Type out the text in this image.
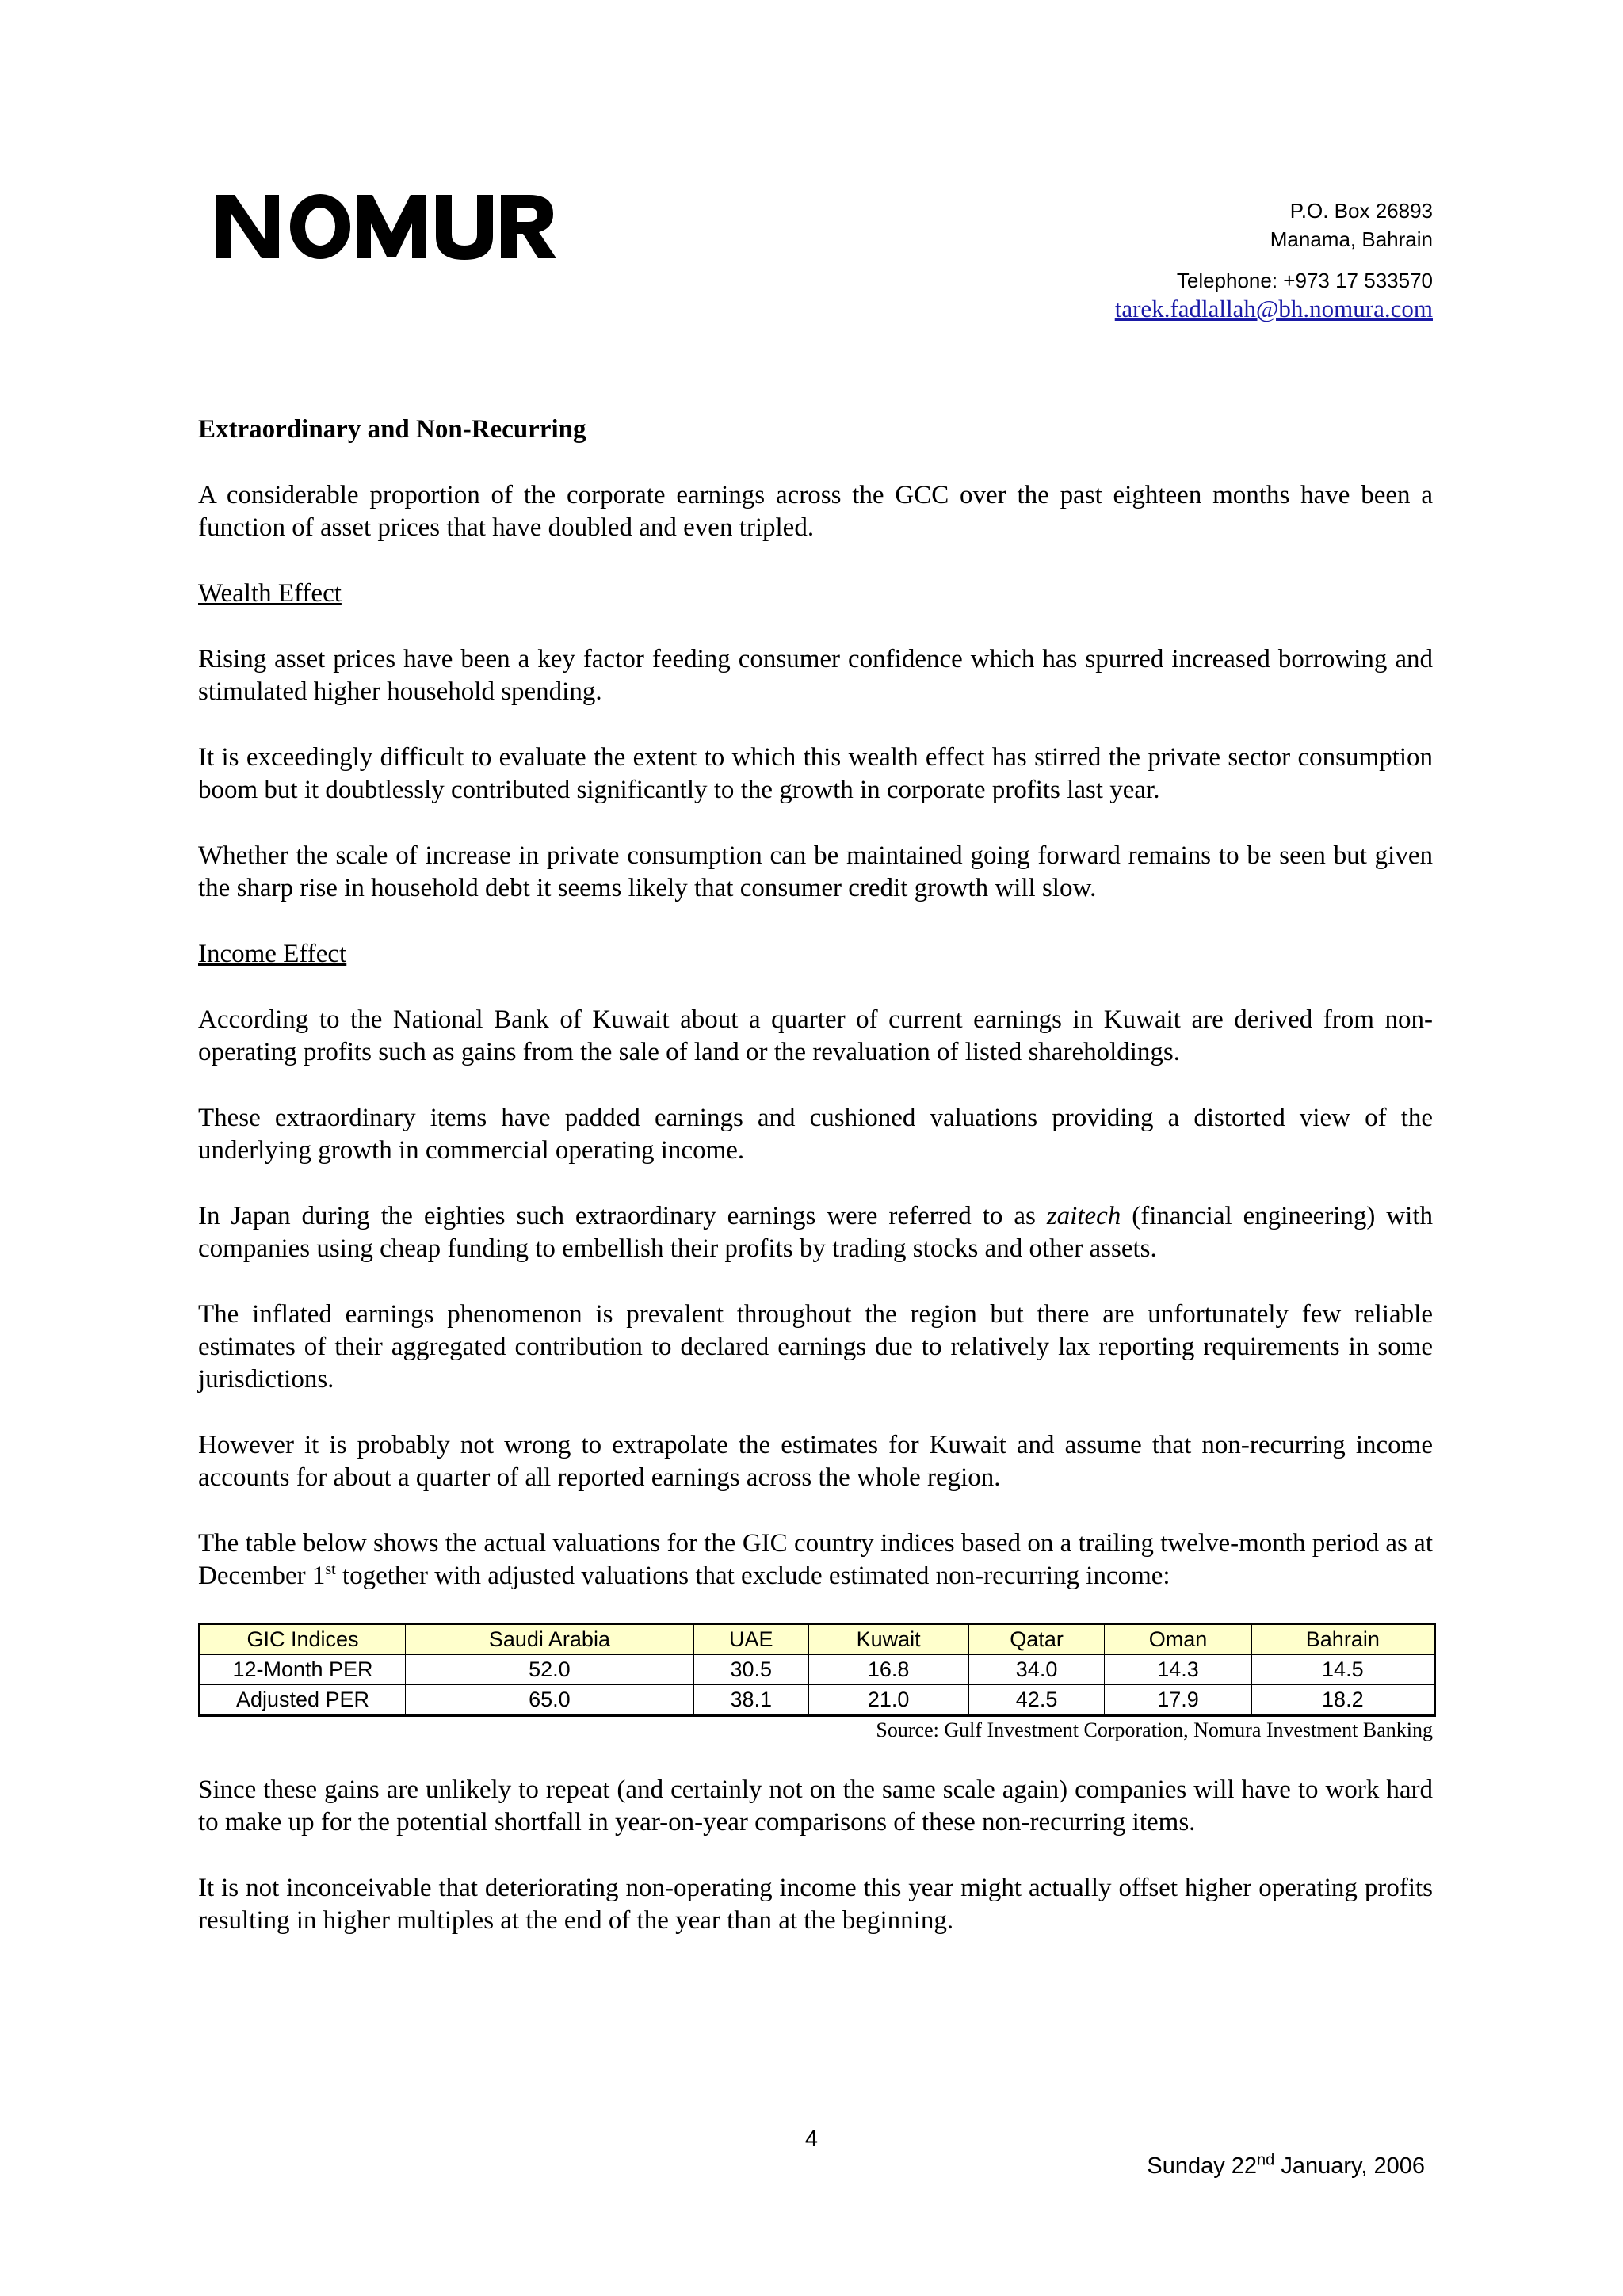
P.O. Box 26893
Manama, Bahrain
Telephone: +973 17 533570
tarek.fadlallah@bh.nomura.com

Extraordinary and Non-Recurring

A considerable proportion of the corporate earnings across the GCC over the past eighteen months have been a function of asset prices that have doubled and even tripled.

Wealth Effect

Rising asset prices have been a key factor feeding consumer confidence which has spurred increased borrowing and stimulated higher household spending.

It is exceedingly difficult to evaluate the extent to which this wealth effect has stirred the private sector consumption boom but it doubtlessly contributed significantly to the growth in corporate profits last year.

Whether the scale of increase in private consumption can be maintained going forward remains to be seen but given the sharp rise in household debt it seems likely that consumer credit growth will slow.

Income Effect

According to the National Bank of Kuwait about a quarter of current earnings in Kuwait are derived from non-operating profits such as gains from the sale of land or the revaluation of listed shareholdings.

These extraordinary items have padded earnings and cushioned valuations providing a distorted view of the underlying growth in commercial operating income.

In Japan during the eighties such extraordinary earnings were referred to as zaitech (financial engineering) with companies using cheap funding to embellish their profits by trading stocks and other assets.

The inflated earnings phenomenon is prevalent throughout the region but there are unfortunately few reliable estimates of their aggregated contribution to declared earnings due to relatively lax reporting requirements in some jurisdictions.

However it is probably not wrong to extrapolate the estimates for Kuwait and assume that non-recurring income accounts for about a quarter of all reported earnings across the whole region.

The table below shows the actual valuations for the GIC country indices based on a trailing twelve-month period as at December 1st together with adjusted valuations that exclude estimated non-recurring income:

GIC Indices	Saudi Arabia	UAE	Kuwait	Qatar	Oman	Bahrain
12-Month PER	52.0	30.5	16.8	34.0	14.3	14.5
Adjusted PER	65.0	38.1	21.0	42.5	17.9	18.2
Source: Gulf Investment Corporation, Nomura Investment Banking

Since these gains are unlikely to repeat (and certainly not on the same scale again) companies will have to work hard to make up for the potential shortfall in year-on-year comparisons of these non-recurring items.

It is not inconceivable that deteriorating non-operating income this year might actually offset higher operating profits resulting in higher multiples at the end of the year than at the beginning.

4
Sunday 22nd January, 2006
